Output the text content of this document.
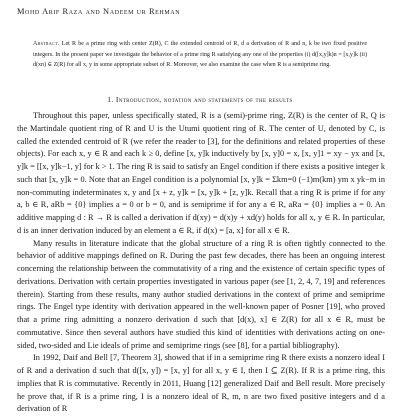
Mohd Arif Raza and Nadeem ur Rehman
Abstract. Let R be a prime ring with center Z(R), C the extended centroid of R, d a derivation of R and n, k be two fixed positive integers. In the present paper we investigate the behavior of a prime ring R satisfying any one of the properties (i) d([x,y]k)n = [x,y]k (ii) d(xn) ∈ Z(R) for all x, y in some appropriate subset of R. Moreover, we also examine the case when R is a semiprime ring.
1. Introduction, notation and statements of the results

Throughout this paper, unless specifically stated, R is a (semi)-prime ring, Z(R) is the center of R, Q is the Martindale quotient ring of R and U is the Utumi quotient ring of R. The center of U, denoted by C, is called the extended centroid of R (we refer the reader to [3], for the definitions and related properties of these objects). For each x, y ∈ R and each k ≥ 0, define [x, y]k inductively by [x, y]0 = x, [x, y]1 = xy − yx and [x, y]k = [[x, y]k−1, y] for k > 1. The ring R is said to satisfy an Engel condition if there exists a positive integer k such that [x, y]k = 0. Note that an Engel condition is a polynomial [x, y]k = Σkm=0 (−1)m(km) ym x yk−m in non-commuting indeterminates x, y and [x + z, y]k = [x, y]k + [z, y]k. Recall that a ring R is prime if for any a, b ∈ R, aRb = {0} implies a = 0 or b = 0, and is semiprime if for any a ∈ R, aRa = {0} implies a = 0. An additive mapping d : R → R is called a derivation if d(xy) = d(x)y + xd(y) holds for all x, y ∈ R. In particular, d is an inner derivation induced by an element a ∈ R, if d(x) = [a, x] for all x ∈ R.

Many results in literature indicate that the global structure of a ring R is often tightly connected to the behavior of additive mappings defined on R. During the past few decades, there has been an ongoing interest concerning the relationship between the commutativity of a ring and the existence of certain specific types of derivations. Derivation with certain properties investigated in various paper (see [1, 2, 4, 7, 19] and references therein). Starting from these results, many author studied derivations in the context of prime and semiprime rings. The Engel type identity with derivation appeared in the well-known paper of Posner [19], who proved that a prime ring admitting a nonzero derivation d such that [d(x), x] ∈ Z(R) for all x ∈ R, must be commutative. Since then several authors have studied this kind of identities with derivations acting on one-sided, two-sided and Lie ideals of prime and semiprime rings (see [8], for a partial bibliography).

In 1992, Daif and Bell [7, Theorem 3], showed that if in a semiprime ring R there exists a nonzero ideal I of R and a derivation d such that d([x, y]) = [x, y] for all x, y ∈ I, then I ⊆ Z(R). If R is a prime ring, this implies that R is commutative. Recently in 2011, Huang [12] generalized Daif and Bell result. More precisely he prove that, if R is a prime ring, I is a nonzero ideal of R, m, n are two fixed positive integers and d a derivation of R
